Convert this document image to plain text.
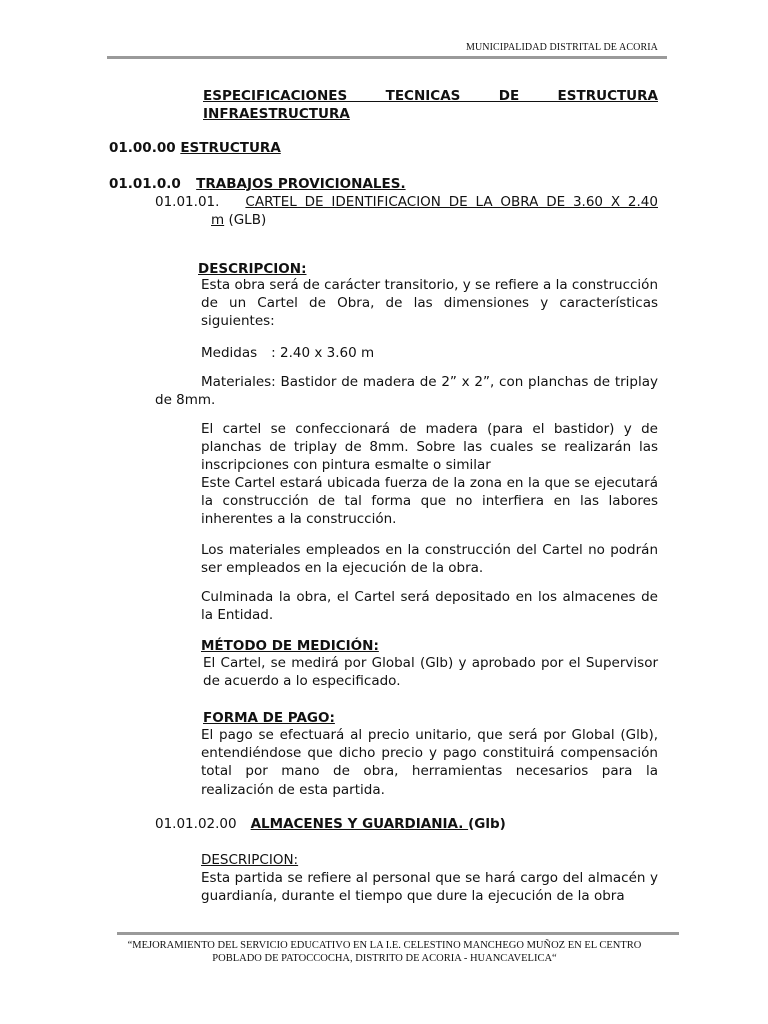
MUNICIPALIDAD DISTRITAL DE ACORIA

ESPECIFICACIONES TECNICAS DE ESTRUCTURA

INFRAESTRUCTURA

01.00.00 ESTRUCTURA
01.01.0.0 TRABAJOS PROVICIONALES.

01.01.01. CARTEL DE IDENTIFICACION DE LA OBRA DE 3.60 X 2.40

m (GLB)

DESCRIPCION:

Esta obra será de carácter transitorio, y se refiere a la construcción de un Cartel de Obra, de las dimensiones y características siguientes:

Medidas : 2.40 x 3.60 m

Materiales: Bastidor de madera de 2” x 2”, con planchas de triplay de 8mm.

El cartel se confeccionará de madera (para el bastidor) y de planchas de triplay de 8mm. Sobre las cuales se realizarán las inscripciones con pintura esmalte o similar

Este Cartel estará ubicada fuerza de la zona en la que se ejecutará la construcción de tal forma que no interfiera en las labores inherentes a la construcción.

Los materiales empleados en la construcción del Cartel no podrán ser empleados en la ejecución de la obra.

Culminada la obra, el Cartel será depositado en los almacenes de la Entidad.

MÉTODO DE MEDICIÓN:

El Cartel, se medirá por Global (Glb) y aprobado por el Supervisor de acuerdo a lo especificado.

FORMA DE PAGO:

El pago se efectuará al precio unitario, que será por Global (Glb), entendiéndose que dicho precio y pago constituirá compensación total por mano de obra, herramientas necesarios para la realización de esta partida.

01.01.02.00 ALMACENES Y GUARDIANIA. (Glb)

DESCRIPCION:

Esta partida se refiere al personal que se hará cargo del almacén y guardianía, durante el tiempo que dure la ejecución de la obra

“MEJORAMIENTO DEL SERVICIO EDUCATIVO EN LA I.E. CELESTINO MANCHEGO MUÑOZ EN EL CENTRO
POBLADO DE PATOCCOCHA, DISTRITO DE ACORIA - HUANCAVELICA“
